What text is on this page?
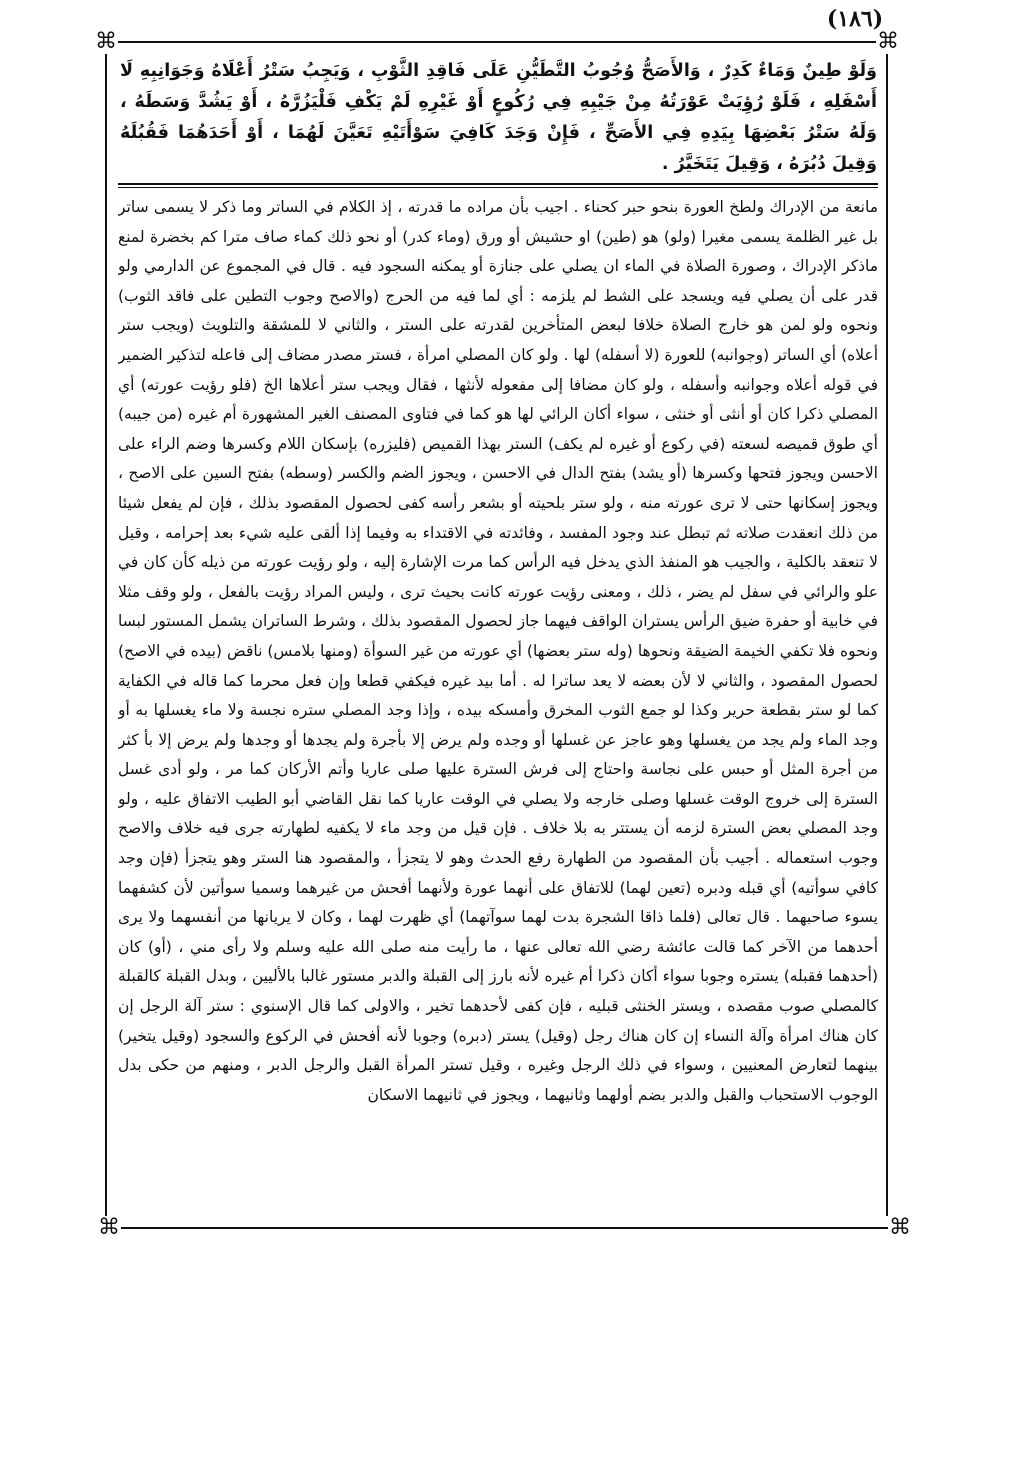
(١٨٦)
⌘	⌘
⌘	⌘

وَلَوْ طِينٌ وَمَاءٌ كَدِرٌ ، وَالأَصَحُّ وُجُوبُ التَّطَيُّنِ عَلَى فَاقِدِ الثَّوْبِ ، وَيَجِبُ سَتْرُ أَعْلَاهُ وَجَوَانِبِهِ لَا أَسْفَلِهِ ، فَلَوْ رُؤِيَتْ عَوْرَتُهُ مِنْ جَيْبِهِ فِي رُكُوعٍ أَوْ غَيْرِهِ لَمْ يَكْفِ فَلْيَزُرَّهُ ، أَوْ يَشُدَّ وَسَطَهُ ، وَلَهُ سَتْرُ بَعْضِهَا بِيَدِهِ فِي الأَصَحِّ ، فَإِنْ وَجَدَ كَافِيَ سَوْأَتَيْهِ تَعَيَّنَ لَهُمَا ، أَوْ أَحَدَهُمَا فَقُبُلَهُ وَقِيلَ دُبُرَهُ ، وَقِيلَ يَتَخَيَّرُ .

مانعة من الإدراك ولطخ العورة بنحو حبر كحناء . اجيب بأن مراده ما قدرته ، إذ الكلام في الساتر وما ذكر لا يسمى ساتر بل غير الظلمة يسمى مغيرا (ولو) هو (طين) او حشيش أو ورق (وماء كدر) أو نحو ذلك كماء صاف مترا كم بخضرة لمنع ماذكر الإدراك ، وصورة الصلاة في الماء ان يصلي على جنازة أو يمكنه السجود فيه . قال في المجموع عن الدارمي ولو قدر على أن يصلي فيه ويسجد على الشط لم يلزمه : أي لما فيه من الحرج (والاصح وجوب التطين على فاقد الثوب) ونحوه ولو لمن هو خارج الصلاة خلافا لبعض المتأخرين لقدرته على الستر ، والثاني لا للمشقة والتلويث (ويجب ستر أعلاه) أي الساتر (وجوانبه) للعورة (لا أسفله) لها . ولو كان المصلي امرأة ، فستر مصدر مضاف إلى فاعله لتذكير الضمير في قوله أعلاه وجوانبه وأسفله ، ولو كان مضافا إلى مفعوله لأنثها ، فقال ويجب ستر أعلاها الخ (فلو رؤيت عورته) أي المصلي ذكرا كان أو أنثى أو خنثى ، سواء أكان الرائي لها هو كما في فتاوى المصنف الغير المشهورة أم غيره (من جيبه) أي طوق قميصه لسعته (في ركوع أو غيره لم يكف) الستر بهذا القميص (فليزره) بإسكان اللام وكسرها وضم الراء على الاحسن ويجوز فتحها وكسرها (أو يشد) بفتح الدال في الاحسن ، ويجوز الضم والكسر (وسطه) بفتح السين على الاصح ، ويجوز إسكانها حتى لا ترى عورته منه ، ولو ستر بلحيته أو بشعر رأسه كفى لحصول المقصود بذلك ، فإن لم يفعل شيئا من ذلك انعقدت صلاته ثم تبطل عند وجود المفسد ، وفائدته في الاقتداء به وفيما إذا ألقى عليه شيء بعد إحرامه ، وقيل لا تنعقد بالكلية ، والجيب هو المنفذ الذي يدخل فيه الرأس كما مرت الإشارة إليه ، ولو رؤيت عورته من ذيله كأن كان في علو والرائي في سفل لم يضر ، ذلك ، ومعنى رؤيت عورته كانت بحيث ترى ، وليس المراد رؤيت بالفعل ، ولو وقف مثلا في خابية أو حفرة ضيق الرأس يستران الواقف فيهما جاز لحصول المقصود بذلك ، وشرط الساتران يشمل المستور لبسا ونحوه فلا تكفي الخيمة الضيقة ونحوها (وله ستر بعضها) أي عورته من غير السوأة (ومنها بلامس) ناقض (بيده في الاصح) لحصول المقصود ، والثاني لا لأن بعضه لا يعد ساترا له . أما بيد غيره فيكفي قطعا وإن فعل محرما كما قاله في الكفاية كما لو ستر بقطعة حرير وكذا لو جمع الثوب المخرق وأمسكه بيده ، وإذا وجد المصلي ستره نجسة ولا ماء يغسلها به أو وجد الماء ولم يجد من يغسلها وهو عاجز عن غسلها أو وجده ولم يرض إلا بأجرة ولم يجدها أو وجدها ولم يرض إلا بأ كثر من أجرة المثل أو حبس على نجاسة واحتاج إلى فرش السترة عليها صلى عاريا وأتم الأركان كما مر ، ولو أدى غسل السترة إلى خروج الوقت غسلها وصلى خارجه ولا يصلي في الوقت عاريا كما نقل القاضي أبو الطيب الاتفاق عليه ، ولو وجد المصلي بعض السترة لزمه أن يستتر به بلا خلاف . فإن قيل من وجد ماء لا يكفيه لطهارته جرى فيه خلاف والاصح وجوب استعماله . أجيب بأن المقصود من الطهارة رفع الحدث وهو لا يتجزأ ، والمقصود هنا الستر وهو يتجزأ (فإن وجد كافي سوأتيه) أي قبله ودبره (تعين لهما) للاتفاق على أنهما عورة ولأنهما أفحش من غيرهما وسميا سوأتين لأن كشفهما يسوء صاحبهما . قال تعالى (فلما ذاقا الشجرة بدت لهما سوآتهما) أي ظهرت لهما ، وكان لا يريانها من أنفسهما ولا يرى أحدهما من الآخر كما قالت عائشة رضي الله تعالى عنها ، ما رأيت منه صلى الله عليه وسلم ولا رأى مني ، (أو) كان (أحدهما فقبله) يستره وجوبا سواء أكان ذكرا أم غيره لأنه بارز إلى القبلة والدبر مستور غالبا بالأليين ، وبدل القبلة كالقبلة كالمصلي صوب مقصده ، ويستر الخنثى قبليه ، فإن كفى لأحدهما تخير ، والاولى كما قال الإسنوي : ستر آلة الرجل إن كان هناك امرأة وآلة النساء إن كان هناك رجل (وقيل) يستر (دبره) وجوبا لأنه أفحش في الركوع والسجود (وقيل يتخير) بينهما لتعارض المعنيين ، وسواء في ذلك الرجل وغيره ، وقيل تستر المرأة القبل والرجل الدبر ، ومنهم من حكى بدل الوجوب الاستحباب والقبل والدبر بضم أولهما وثانيهما ، ويجوز في ثانيهما الاسكان
